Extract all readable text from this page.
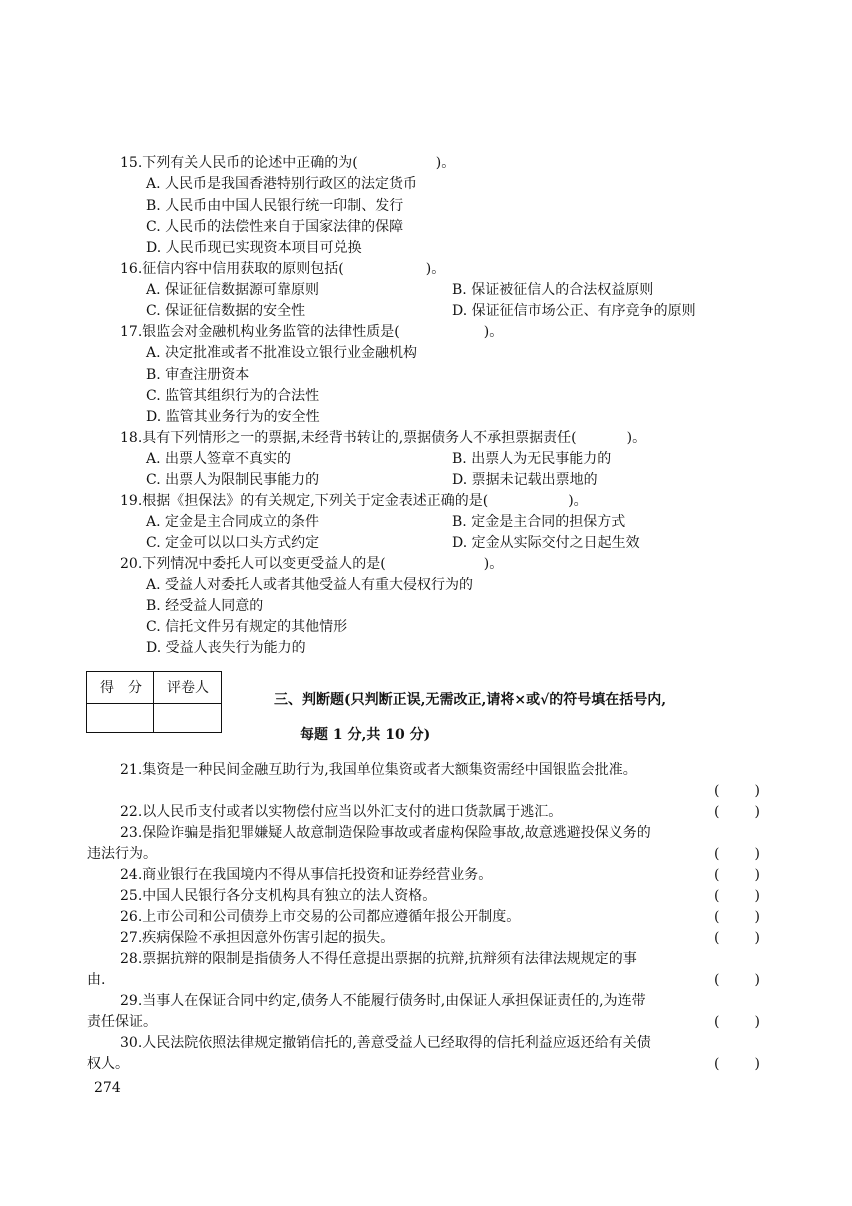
15.下列有关人民币的论述中正确的为(	)。
A. 人民币是我国香港特别行政区的法定货币
B. 人民币由中国人民银行统一印制、发行
C. 人民币的法偿性来自于国家法律的保障
D. 人民币现已实现资本项目可兑换
16.征信内容中信用获取的原则包括(	)。
A. 保证征信数据源可靠原则	B. 保证被征信人的合法权益原则
C. 保证征信数据的安全性	D. 保证征信市场公正、有序竞争的原则
17.银监会对金融机构业务监管的法律性质是(	)。
A. 决定批准或者不批准设立银行业金融机构
B. 审查注册资本
C. 监管其组织行为的合法性
D. 监管其业务行为的安全性
18.具有下列情形之一的票据,未经背书转让的,票据债务人不承担票据责任(	)。
A. 出票人签章不真实的	B. 出票人为无民事能力的
C. 出票人为限制民事能力的	D. 票据未记载出票地的
19.根据《担保法》的有关规定,下列关于定金表述正确的是(	)。
A. 定金是主合同成立的条件	B. 定金是主合同的担保方式
C. 定金可以以口头方式约定	D. 定金从实际交付之日起生效
20.下列情况中委托人可以变更受益人的是(	)。
A. 受益人对委托人或者其他受益人有重大侵权行为的
B. 经受益人同意的
C. 信托文件另有规定的其他情形
D. 受益人丧失行为能力的
得　分	评卷人
三、判断题(只判断正误,无需改正,请将×或√的符号填在括号内,
每题 1 分,共 10 分)
21.集资是一种民间金融互助行为,我国单位集资或者大额集资需经中国银监会批准。
(	)
22.以人民币支付或者以实物偿付应当以外汇支付的进口货款属于逃汇。	(	)
23.保险诈骗是指犯罪嫌疑人故意制造保险事故或者虚构保险事故,故意逃避投保义务的
违法行为。	(	)
24.商业银行在我国境内不得从事信托投资和证券经营业务。	(	)
25.中国人民银行各分支机构具有独立的法人资格。	(	)
26.上市公司和公司债券上市交易的公司都应遵循年报公开制度。	(	)
27.疾病保险不承担因意外伤害引起的损失。	(	)
28.票据抗辩的限制是指债务人不得任意提出票据的抗辩,抗辩须有法律法规规定的事
由.	(	)
29.当事人在保证合同中约定,债务人不能履行债务时,由保证人承担保证责任的,为连带
责任保证。	(	)
30.人民法院依照法律规定撤销信托的,善意受益人已经取得的信托利益应返还给有关债
权人。	(	)
274
